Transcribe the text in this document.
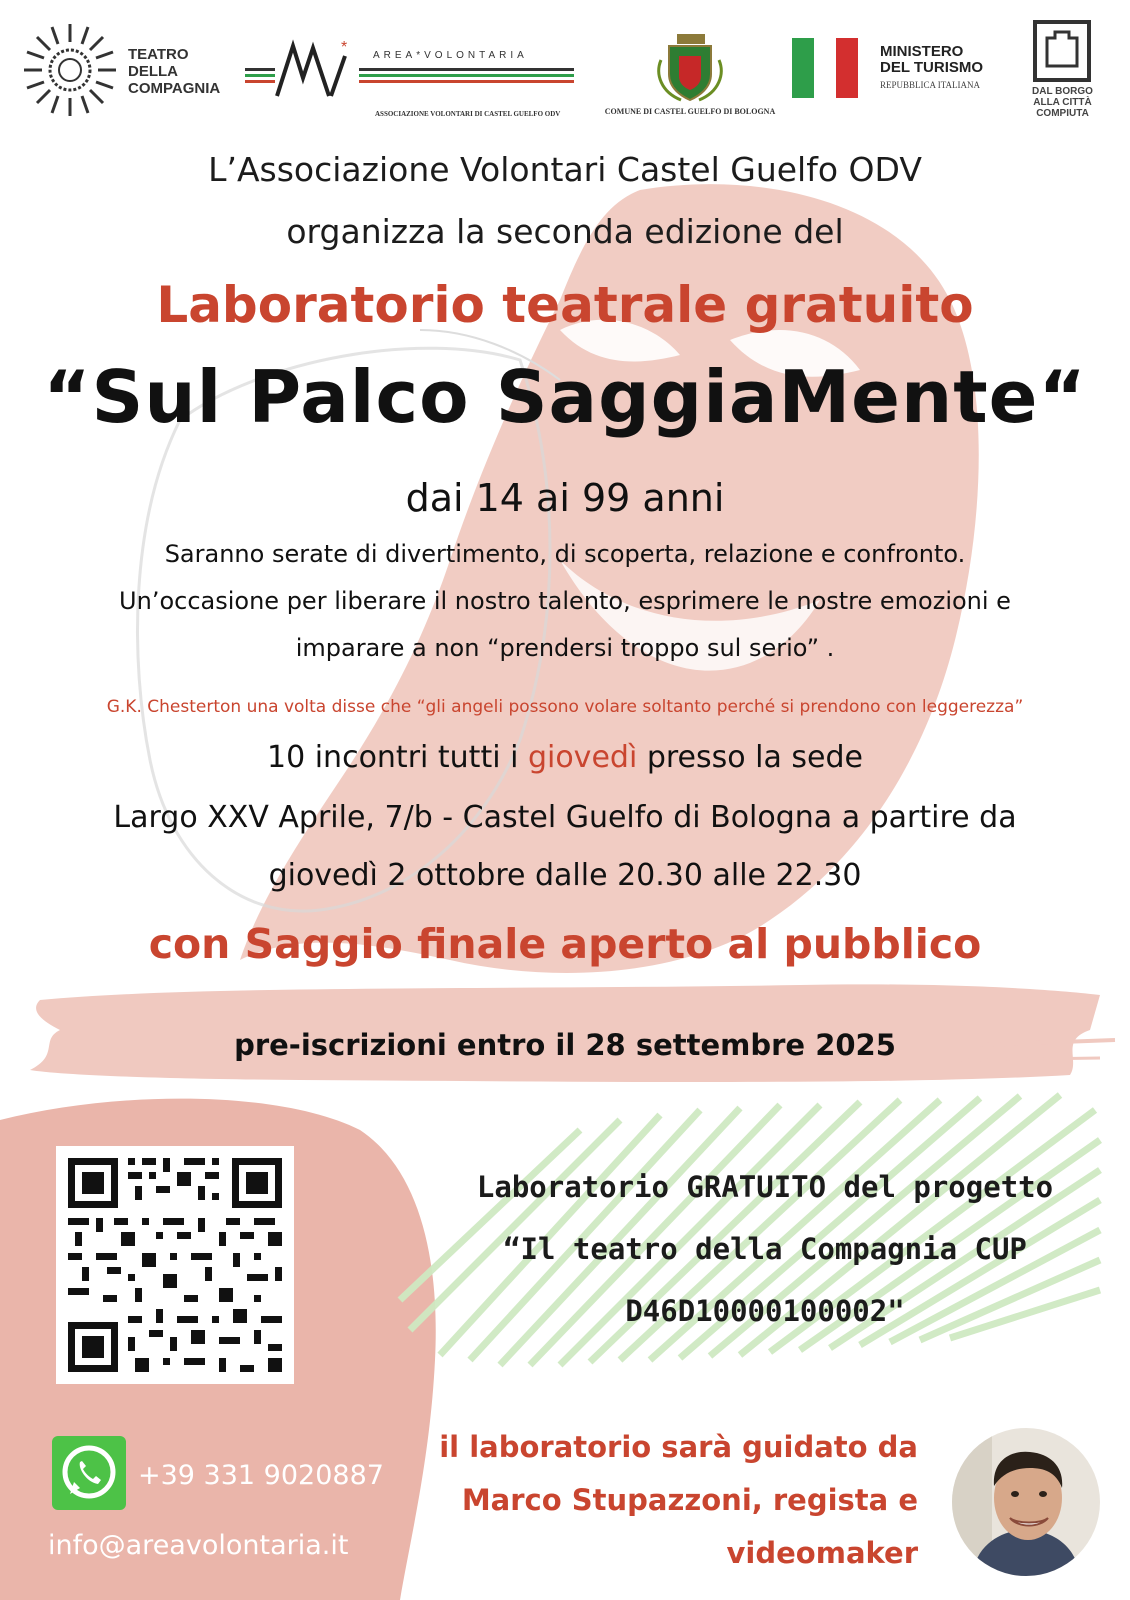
TEATRO
DELLA
COMPAGNIA
*	AREA*VOLONTARIA
ASSOCIAZIONE VOLONTARI DI CASTEL GUELFO ODV	COMUNE DI CASTEL GUELFO DI BOLOGNA
MINISTERO
DEL TURISMO
REPUBBLICA ITALIANA
DAL BORGO
ALLA CITTÀ
COMPIUTA
L’Associazione Volontari Castel Guelfo ODV
organizza la seconda edizione del
Laboratorio teatrale gratuito
“Sul Palco SaggiaMente“
dai 14 ai 99 anni
Saranno serate di divertimento, di scoperta, relazione e confronto.
Un’occasione per liberare il nostro talento, esprimere le nostre emozioni e
imparare a non “prendersi troppo sul serio” .
G.K. Chesterton una volta disse che “gli angeli possono volare soltanto perché si prendono con leggerezza”
10 incontri tutti i giovedì presso la sede
Largo XXV Aprile, 7/b - Castel Guelfo di Bologna a partire da
giovedì 2 ottobre dalle 20.30 alle 22.30
con Saggio finale aperto al pubblico
pre-iscrizioni entro il 28 settembre 2025
+39 331 9020887
info@areavolontaria.it
Laboratorio GRATUITO del progetto
“Il teatro della Compagnia CUP
D46D10000100002"
il laboratorio sarà guidato da
Marco Stupazzoni, regista e
videomaker
